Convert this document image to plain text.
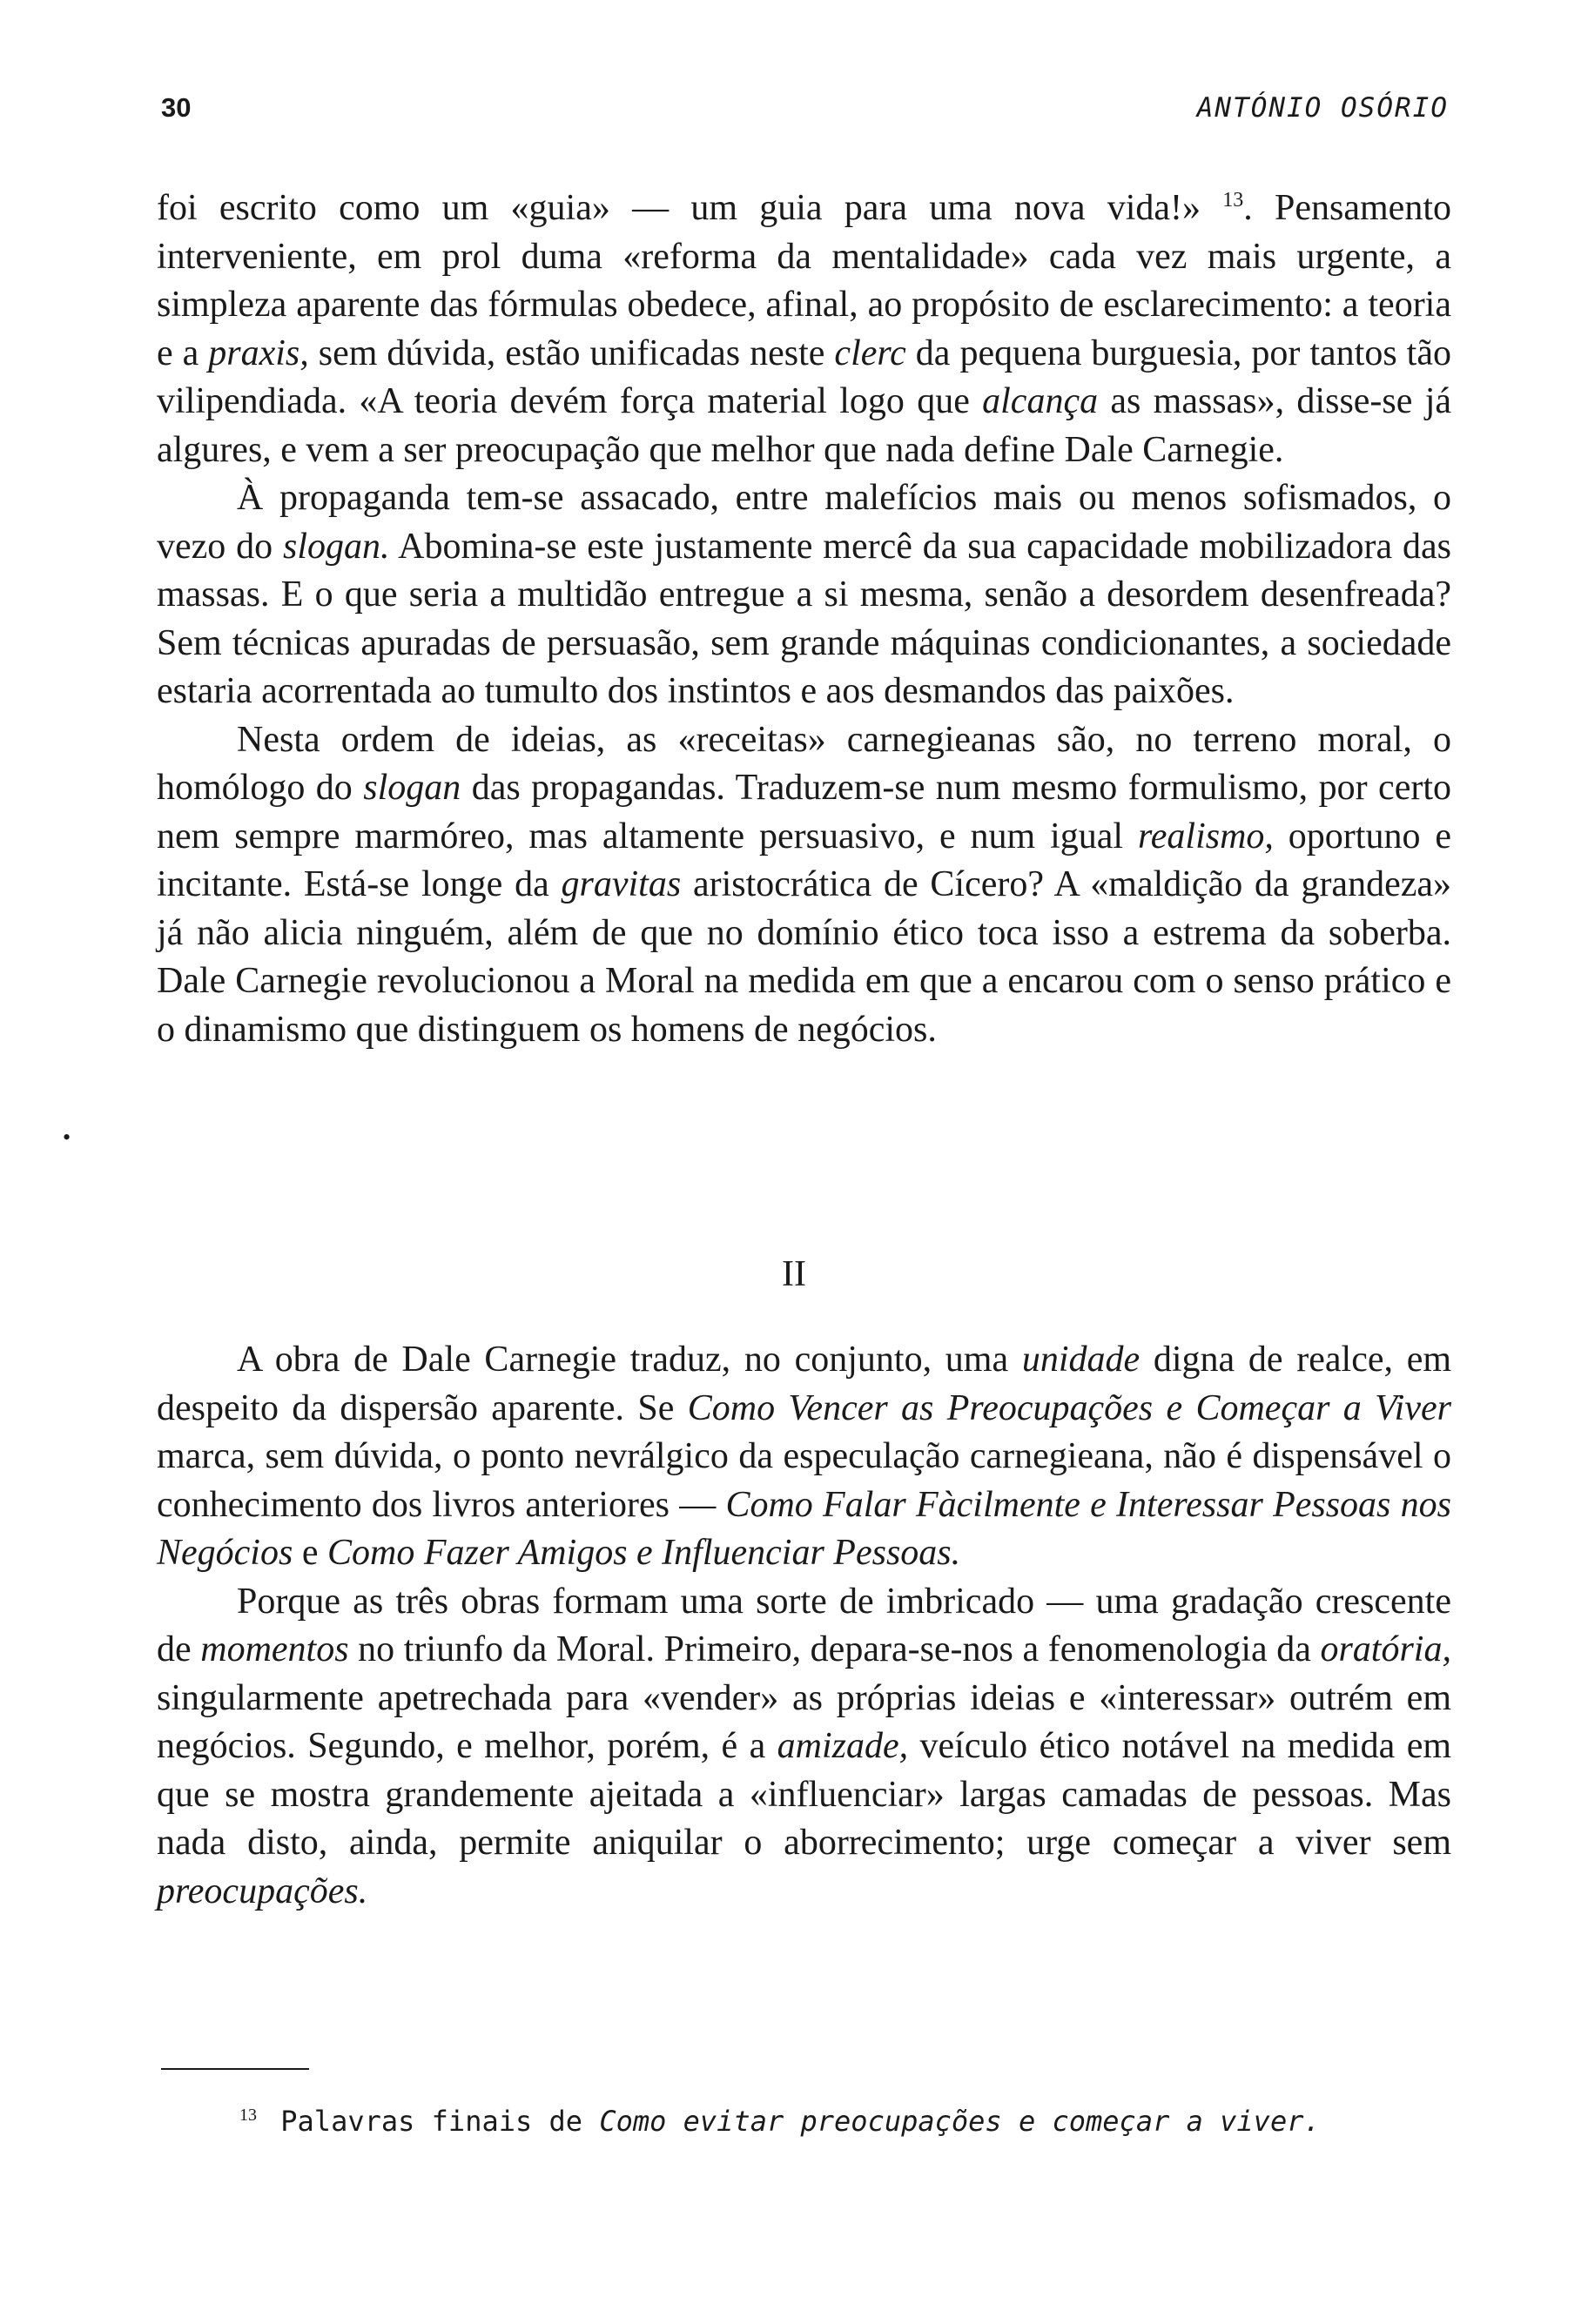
30	ANTÓNIO OSÓRIO

foi escrito como um «guia» — um guia para uma nova vida!» $^{13}$. Pensamento interveniente, em prol duma «reforma da mentalidade» cada vez mais urgente, a simpleza aparente das fórmulas obedece, afinal, ao propósito de esclarecimento: a teoria e a praxis, sem dúvida, estão unificadas neste clerc da pequena burguesia, por tantos tão vilipendiada. «A teoria devém força material logo que alcança as massas», disse-se já algures, e vem a ser preocupação que melhor que nada define Dale Carnegie.

À propaganda tem-se assacado, entre malefícios mais ou menos sofismados, o vezo do slogan. Abomina-se este justamente mercê da sua capacidade mobilizadora das massas. E o que seria a multidão entregue a si mesma, senão a desordem desenfreada? Sem técnicas apuradas de persuasão, sem grande máquinas condicionantes, a sociedade estaria acorrentada ao tumulto dos instintos e aos desmandos das paixões.

Nesta ordem de ideias, as «receitas» carnegieanas são, no terreno moral, o homólogo do slogan das propagandas. Traduzem-se num mesmo formulismo, por certo nem sempre marmóreo, mas altamente persuasivo, e num igual realismo, oportuno e incitante. Está-se longe da gravitas aristocrática de Cícero? A «maldição da grandeza» já não alicia ninguém, além de que no domínio ético toca isso a estrema da soberba. Dale Carnegie revolucionou a Moral na medida em que a encarou com o senso prático e o dinamismo que distinguem os homens de negócios.

•
II

A obra de Dale Carnegie traduz, no conjunto, uma unidade digna de realce, em despeito da dispersão aparente. Se Como Vencer as Preocupações e Começar a Viver marca, sem dúvida, o ponto nevrálgico da especulação carnegieana, não é dispensável o conhecimento dos livros anteriores — Como Falar Fàcilmente e Interessar Pessoas nos Negócios e Como Fazer Amigos e Influenciar Pessoas.

Porque as três obras formam uma sorte de imbricado — uma gradação crescente de momentos no triunfo da Moral. Primeiro, depara-se-nos a fenomenologia da oratória, singularmente apetrechada para «vender» as próprias ideias e «interessar» outrém em negócios. Segundo, e melhor, porém, é a amizade, veículo ético notável na medida em que se mostra grandemente ajeitada a «influenciar» largas camadas de pessoas. Mas nada disto, ainda, permite aniquilar o aborrecimento; urge começar a viver sem preocupações.

$^{13}$ Palavras finais de Como evitar preocupações e começar a viver.
